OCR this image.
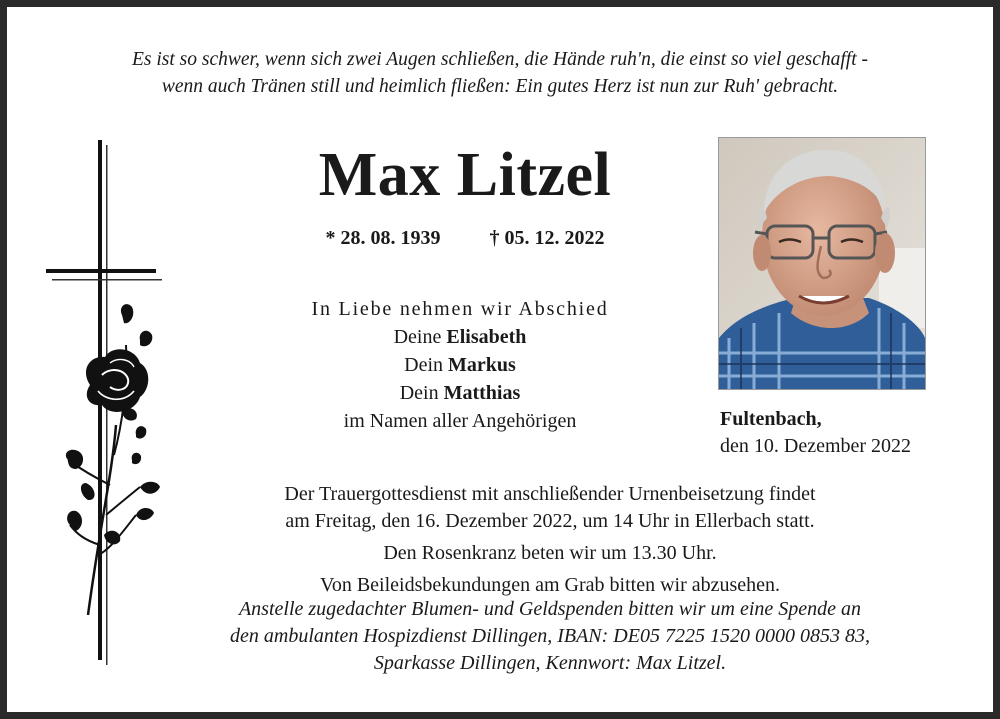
Es ist so schwer, wenn sich zwei Augen schließen, die Hände ruh'n, die einst so viel geschafft -
wenn auch Tränen still und heimlich fließen: Ein gutes Herz ist nun zur Ruh' gebracht.
Max Litzel
* 28. 08. 1939 † 05. 12. 2022
In Liebe nehmen wir Abschied
Deine Elisabeth
Dein Markus
Dein Matthias
im Namen aller Angehörigen	Fultenbach,
den 10. Dezember 2022
Der Trauergottesdienst mit anschließender Urnenbeisetzung findet
am Freitag, den 16. Dezember 2022, um 14 Uhr in Ellerbach statt.
Den Rosenkranz beten wir um 13.30 Uhr.
Von Beileidsbekundungen am Grab bitten wir abzusehen.
Anstelle zugedachter Blumen- und Geldspenden bitten wir um eine Spende an
den ambulanten Hospizdienst Dillingen, IBAN: DE05 7225 1520 0000 0853 83,
Sparkasse Dillingen, Kennwort: Max Litzel.
